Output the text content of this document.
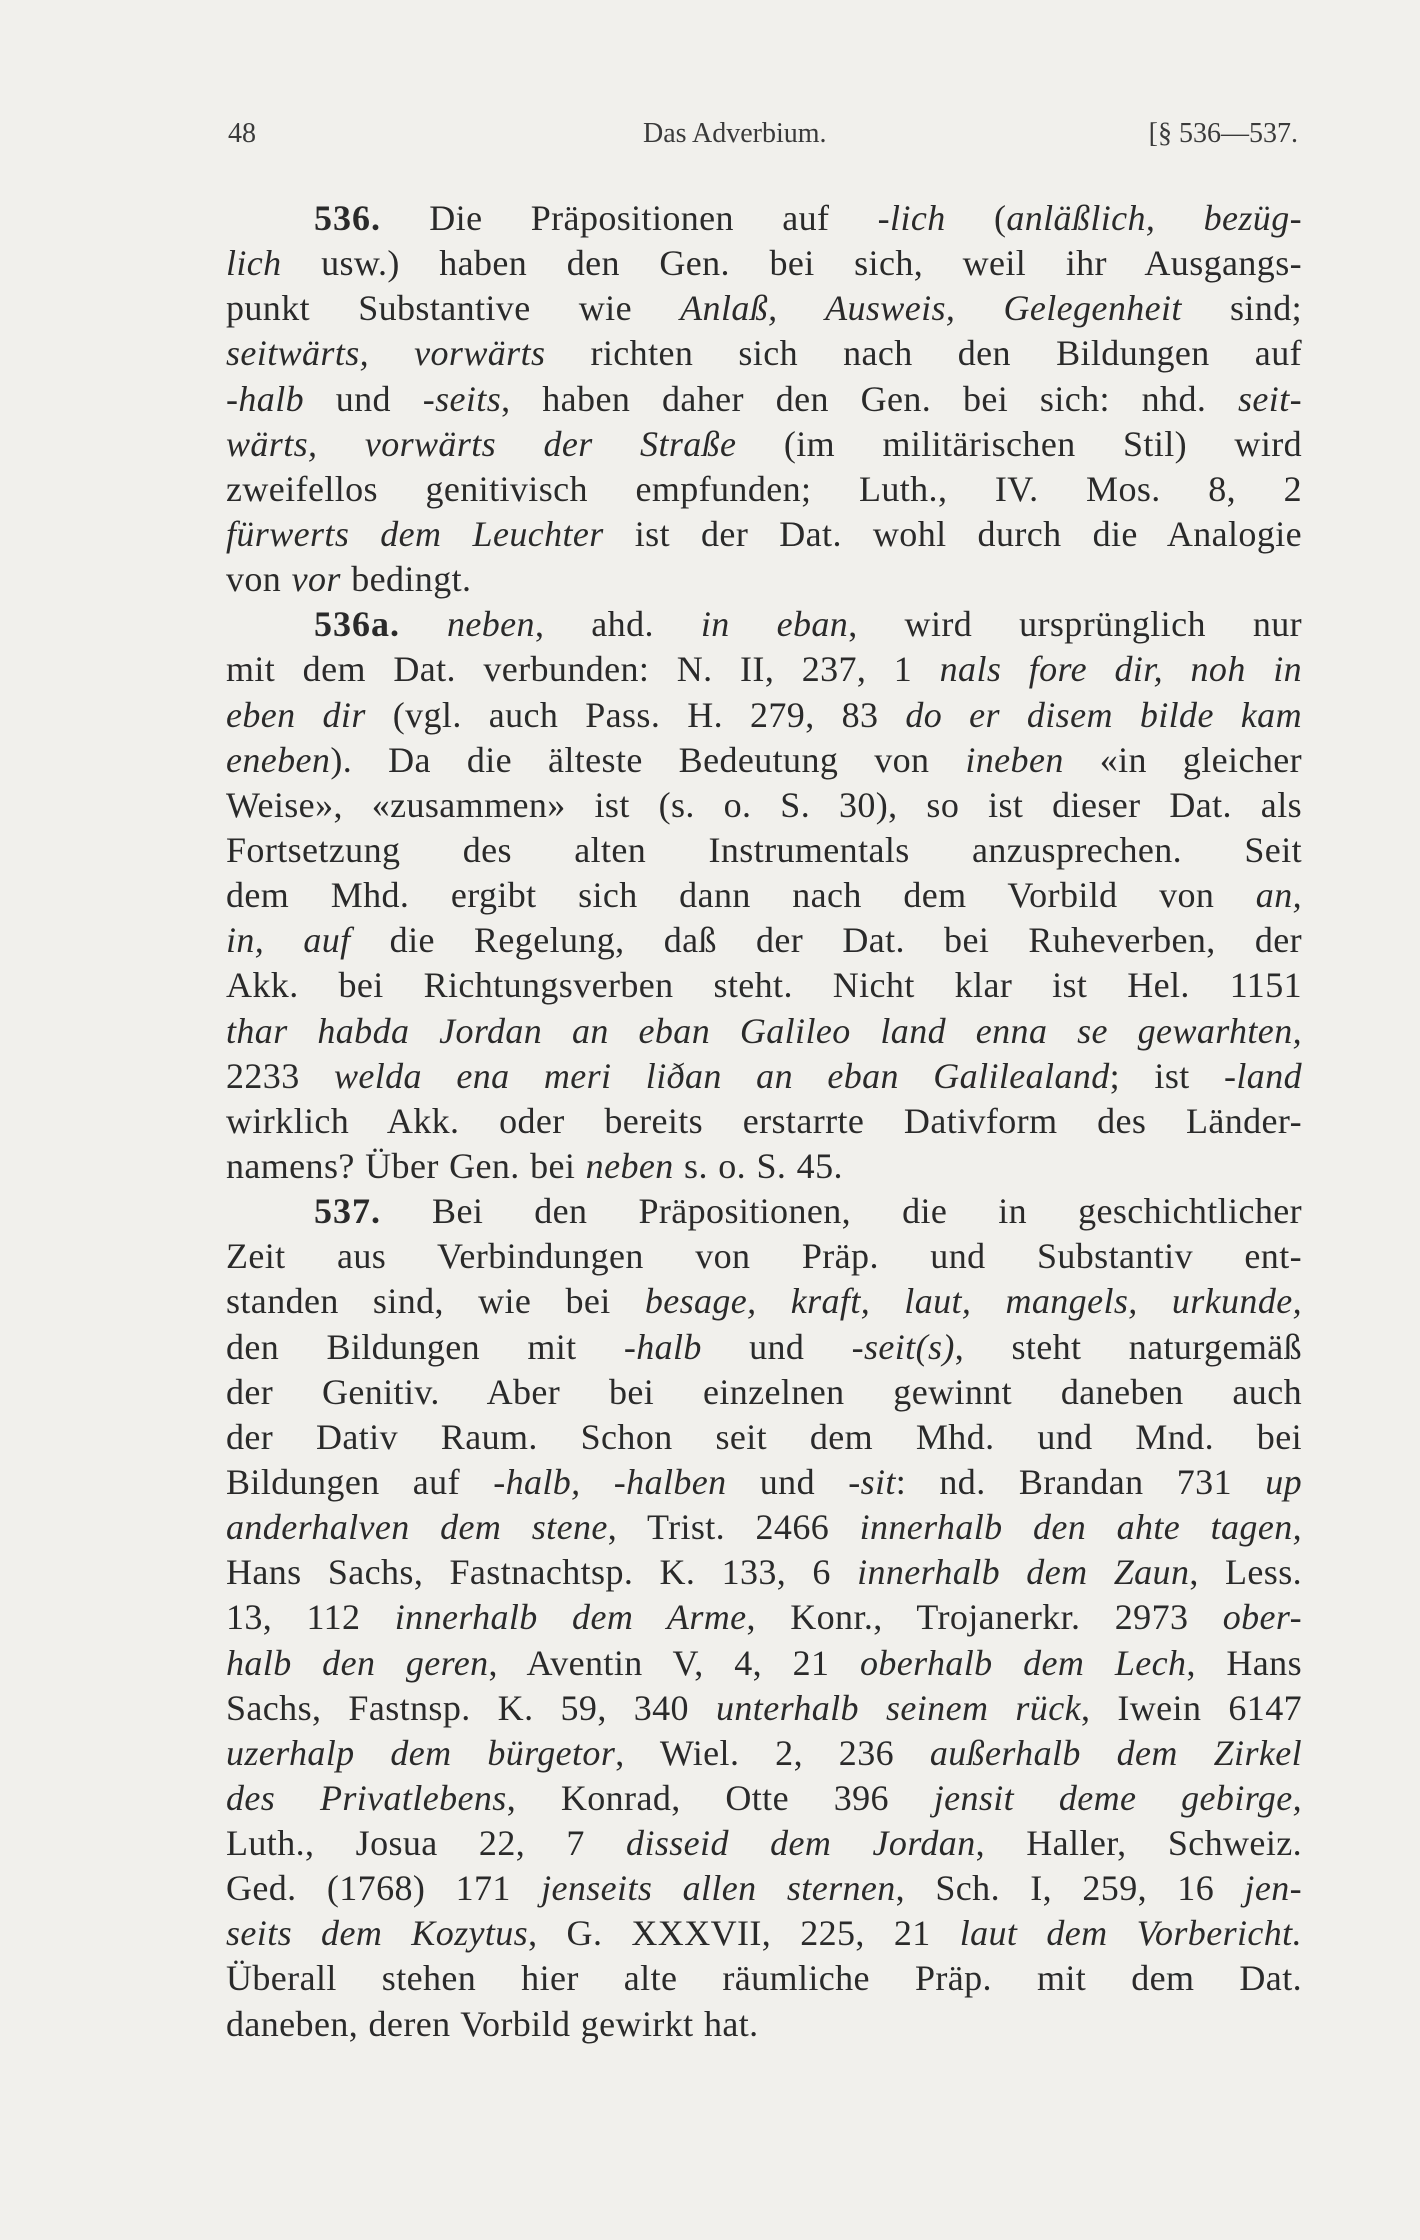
48	Das Adverbium.	[§ 536—537.
536. Die Präpositionen auf -lich (anläßlich, bezüg-
lich usw.) haben den Gen. bei sich, weil ihr Ausgangs-
punkt Substantive wie Anlaß, Ausweis, Gelegenheit sind;
seitwärts, vorwärts richten sich nach den Bildungen auf
-halb und -seits, haben daher den Gen. bei sich: nhd. seit-
wärts, vorwärts der Straße (im militärischen Stil) wird
zweifellos genitivisch empfunden; Luth., IV. Mos. 8, 2
fürwerts dem Leuchter ist der Dat. wohl durch die Analogie
von vor bedingt.
536a. neben, ahd. in eban, wird ursprünglich nur
mit dem Dat. verbunden: N. II, 237, 1 nals fore dir, noh in
eben dir (vgl. auch Pass. H. 279, 83 do er disem bilde kam
eneben). Da die älteste Bedeutung von ineben «in gleicher
Weise», «zusammen» ist (s. o. S. 30), so ist dieser Dat. als
Fortsetzung des alten Instrumentals anzusprechen. Seit
dem Mhd. ergibt sich dann nach dem Vorbild von an,
in, auf die Regelung, daß der Dat. bei Ruheverben, der
Akk. bei Richtungsverben steht. Nicht klar ist Hel. 1151
thar habda Jordan an eban Galileo land enna se gewarhten,
2233 welda ena meri liðan an eban Galilealand; ist -land
wirklich Akk. oder bereits erstarrte Dativform des Länder-
namens? Über Gen. bei neben s. o. S. 45.
537. Bei den Präpositionen, die in geschichtlicher
Zeit aus Verbindungen von Präp. und Substantiv ent-
standen sind, wie bei besage, kraft, laut, mangels, urkunde,
den Bildungen mit -halb und -seit(s), steht naturgemäß
der Genitiv. Aber bei einzelnen gewinnt daneben auch
der Dativ Raum. Schon seit dem Mhd. und Mnd. bei
Bildungen auf -halb, -halben und -sit: nd. Brandan 731 up
anderhalven dem stene, Trist. 2466 innerhalb den ahte tagen,
Hans Sachs, Fastnachtsp. K. 133, 6 innerhalb dem Zaun, Less.
13, 112 innerhalb dem Arme, Konr., Trojanerkr. 2973 ober-
halb den geren, Aventin V, 4, 21 oberhalb dem Lech, Hans
Sachs, Fastnsp. K. 59, 340 unterhalb seinem rück, Iwein 6147
uzerhalp dem bürgetor, Wiel. 2, 236 außerhalb dem Zirkel
des Privatlebens, Konrad, Otte 396 jensit deme gebirge,
Luth., Josua 22, 7 disseid dem Jordan, Haller, Schweiz.
Ged. (1768) 171 jenseits allen sternen, Sch. I, 259, 16 jen-
seits dem Kozytus, G. XXXVII, 225, 21 laut dem Vorbericht.
Überall stehen hier alte räumliche Präp. mit dem Dat.
daneben, deren Vorbild gewirkt hat.
